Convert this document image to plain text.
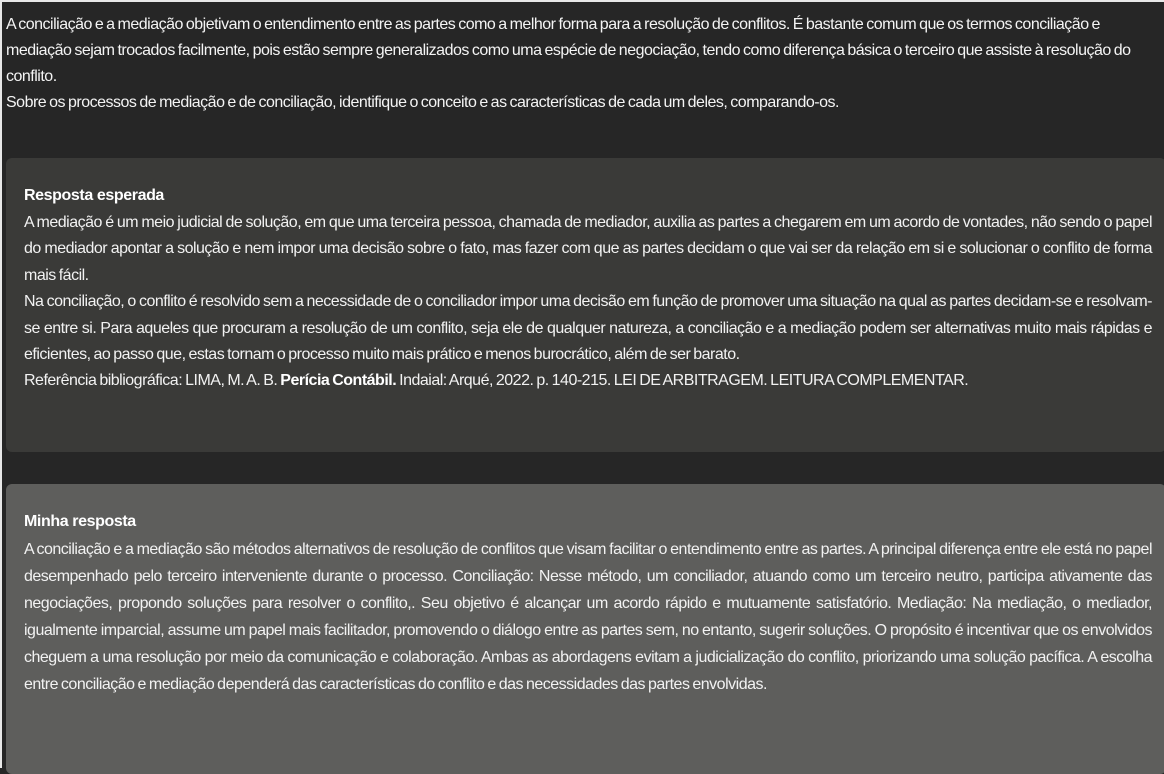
A conciliação e a mediação objetivam o entendimento entre as partes como a melhor forma para a resolução de conflitos. É bastante comum que os termos conciliação e mediação sejam trocados facilmente, pois estão sempre generalizados como uma espécie de negociação, tendo como diferença básica o terceiro que assiste à resolução do conflito.

Sobre os processos de mediação e de conciliação, identifique o conceito e as características de cada um deles, comparando-os.

Resposta esperada

A mediação é um meio judicial de solução, em que uma terceira pessoa, chamada de mediador, auxilia as partes a chegarem em um acordo de vontades, não sendo o papel do mediador apontar a solução e nem impor uma decisão sobre o fato, mas fazer com que as partes decidam o que vai ser da relação em si e solucionar o conflito de forma mais fácil.

Na conciliação, o conflito é resolvido sem a necessidade de o conciliador impor uma decisão em função de promover uma situação na qual as partes decidam-se e resolvam-se entre si. Para aqueles que procuram a resolução de um conflito, seja ele de qualquer natureza, a conciliação e a mediação podem ser alternativas muito mais rápidas e eficientes, ao passo que, estas tornam o processo muito mais prático e menos burocrático, além de ser barato.

Referência bibliográfica: LIMA, M. A. B. Perícia Contábil. Indaial: Arqué, 2022. p. 140-215. LEI DE ARBITRAGEM. LEITURA COMPLEMENTAR.

Minha resposta

A conciliação e a mediação são métodos alternativos de resolução de conflitos que visam facilitar o entendimento entre as partes. A principal diferença entre ele está no papel desempenhado pelo terceiro interveniente durante o processo. Conciliação: Nesse método, um conciliador, atuando como um terceiro neutro, participa ativamente das negociações, propondo soluções para resolver o conflito,. Seu objetivo é alcançar um acordo rápido e mutuamente satisfatório. Mediação: Na mediação, o mediador, igualmente imparcial, assume um papel mais facilitador, promovendo o diálogo entre as partes sem, no entanto, sugerir soluções. O propósito é incentivar que os envolvidos cheguem a uma resolução por meio da comunicação e colaboração. Ambas as abordagens evitam a judicialização do conflito, priorizando uma solução pacífica. A escolha entre conciliação e mediação dependerá das características do conflito e das necessidades das partes envolvidas.
